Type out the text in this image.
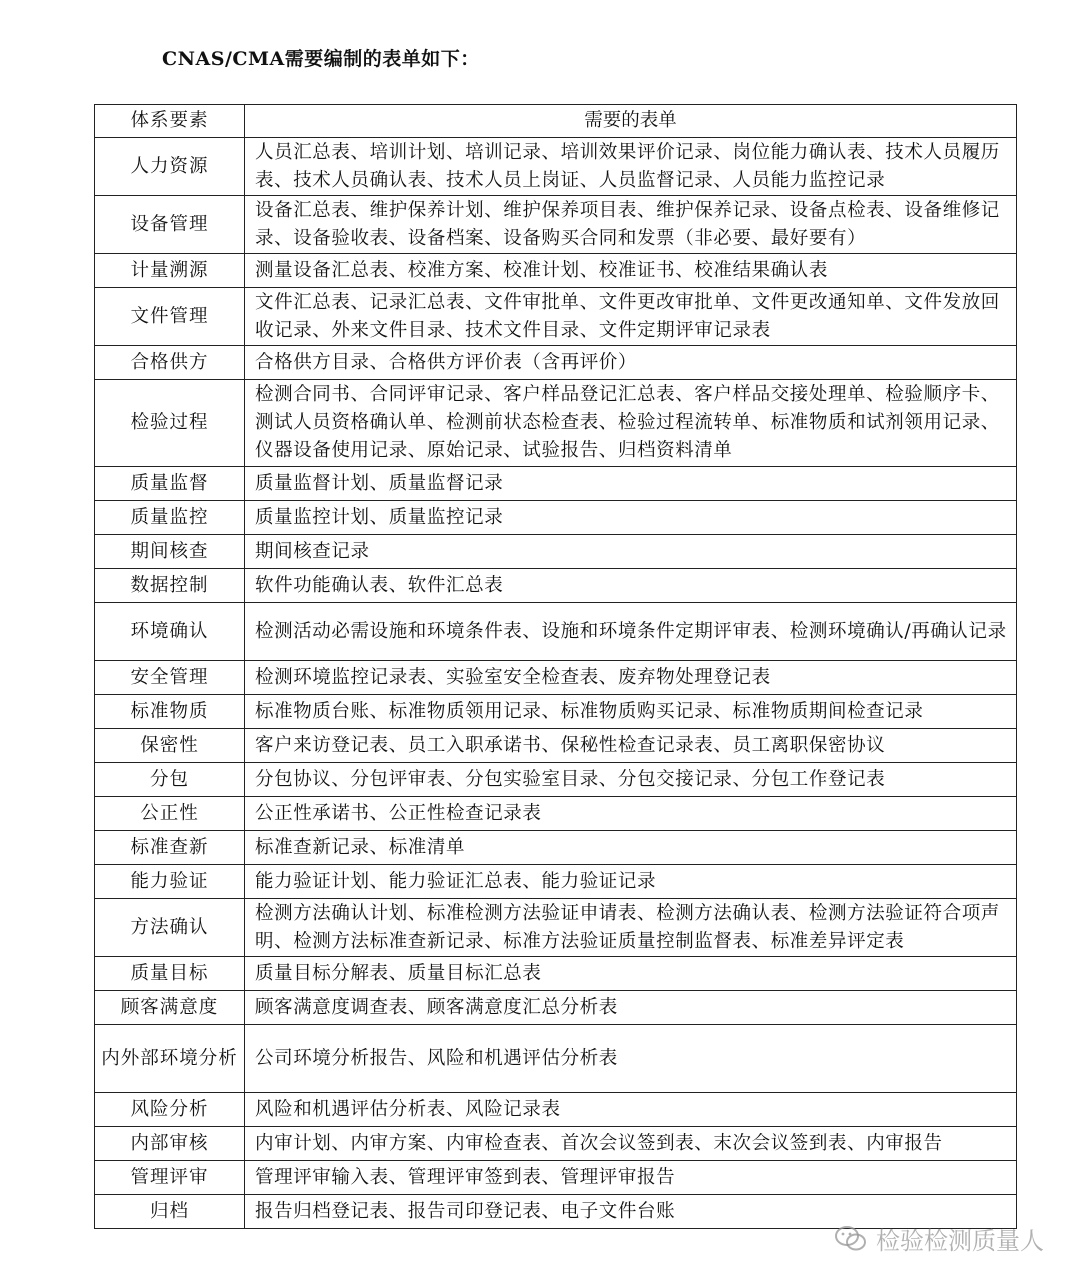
CNAS/CMA需要编制的表单如下：
体系要素	需要的表单
人力资源	人员汇总表、培训计划、培训记录、培训效果评价记录、岗位能力确认表、技术人员履历表、技术人员确认表、技术人员上岗证、人员监督记录、人员能力监控记录
设备管理	设备汇总表、维护保养计划、维护保养项目表、维护保养记录、设备点检表、设备维修记录、设备验收表、设备档案、设备购买合同和发票（非必要、最好要有）
计量溯源	测量设备汇总表、校准方案、校准计划、校准证书、校准结果确认表
文件管理	文件汇总表、记录汇总表、文件审批单、文件更改审批单、文件更改通知单、文件发放回收记录、外来文件目录、技术文件目录、文件定期评审记录表
合格供方	合格供方目录、合格供方评价表（含再评价）
检验过程	检测合同书、合同评审记录、客户样品登记汇总表、客户样品交接处理单、检验顺序卡、测试人员资格确认单、检测前状态检查表、检验过程流转单、标准物质和试剂领用记录、仪器设备使用记录、原始记录、试验报告、归档资料清单
质量监督	质量监督计划、质量监督记录
质量监控	质量监控计划、质量监控记录
期间核查	期间核查记录
数据控制	软件功能确认表、软件汇总表
环境确认	检测活动必需设施和环境条件表、设施和环境条件定期评审表、检测环境确认/再确认记录
安全管理	检测环境监控记录表、实验室安全检查表、废弃物处理登记表
标准物质	标准物质台账、标准物质领用记录、标准物质购买记录、标准物质期间检查记录
保密性	客户来访登记表、员工入职承诺书、保秘性检查记录表、员工离职保密协议
分包	分包协议、分包评审表、分包实验室目录、分包交接记录、分包工作登记表
公正性	公正性承诺书、公正性检查记录表
标准查新	标准查新记录、标准清单
能力验证	能力验证计划、能力验证汇总表、能力验证记录
方法确认	检测方法确认计划、标准检测方法验证申请表、检测方法确认表、检测方法验证符合项声明、检测方法标准查新记录、标准方法验证质量控制监督表、标准差异评定表
质量目标	质量目标分解表、质量目标汇总表
顾客满意度	顾客满意度调查表、顾客满意度汇总分析表
内外部环境分析	公司环境分析报告、风险和机遇评估分析表
风险分析	风险和机遇评估分析表、风险记录表
内部审核	内审计划、内审方案、内审检查表、首次会议签到表、末次会议签到表、内审报告
管理评审	管理评审输入表、管理评审签到表、管理评审报告
归档	报告归档登记表、报告司印登记表、电子文件台账
检验检测质量人
